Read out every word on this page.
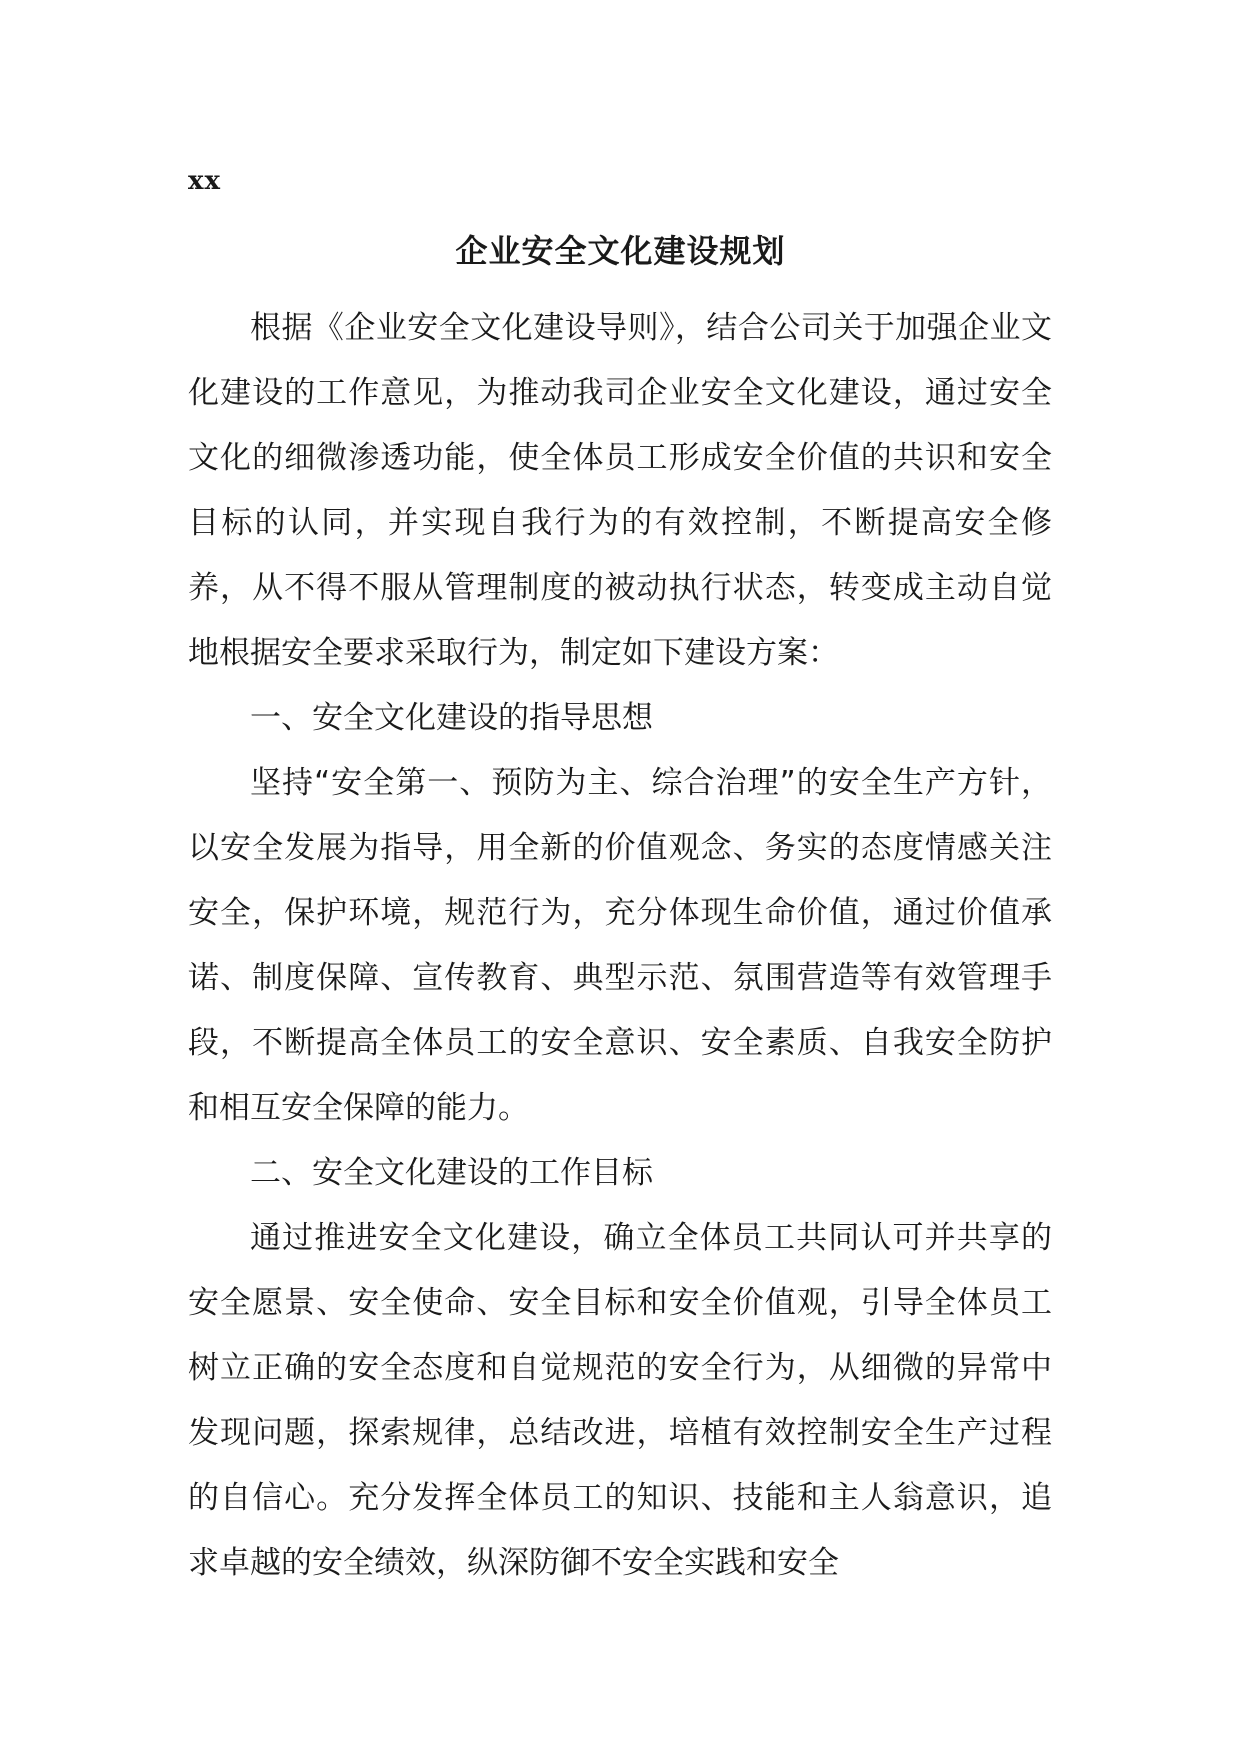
xx
企业安全文化建设规划

根据《企业安全文化建设导则》，结合公司关于加强企业文化建设的工作意见，为推动我司企业安全文化建设，通过安全文化的细微渗透功能，使全体员工形成安全价值的共识和安全目标的认同，并实现自我行为的有效控制，不断提高安全修养，从不得不服从管理制度的被动执行状态，转变成主动自觉地根据安全要求采取行为，制定如下建设方案：

一、安全文化建设的指导思想

坚持“安全第一、预防为主、综合治理”的安全生产方针，以安全发展为指导，用全新的价值观念、务实的态度情感关注安全，保护环境，规范行为，充分体现生命价值，通过价值承诺、制度保障、宣传教育、典型示范、氛围营造等有效管理手段，不断提高全体员工的安全意识、安全素质、自我安全防护和相互安全保障的能力。

二、安全文化建设的工作目标

通过推进安全文化建设，确立全体员工共同认可并共享的安全愿景、安全使命、安全目标和安全价值观，引导全体员工树立正确的安全态度和自觉规范的安全行为，从细微的异常中发现问题，探索规律，总结改进，培植有效控制安全生产过程的自信心。充分发挥全体员工的知识、技能和主人翁意识，追求卓越的安全绩效，纵深防御不安全实践和安全
